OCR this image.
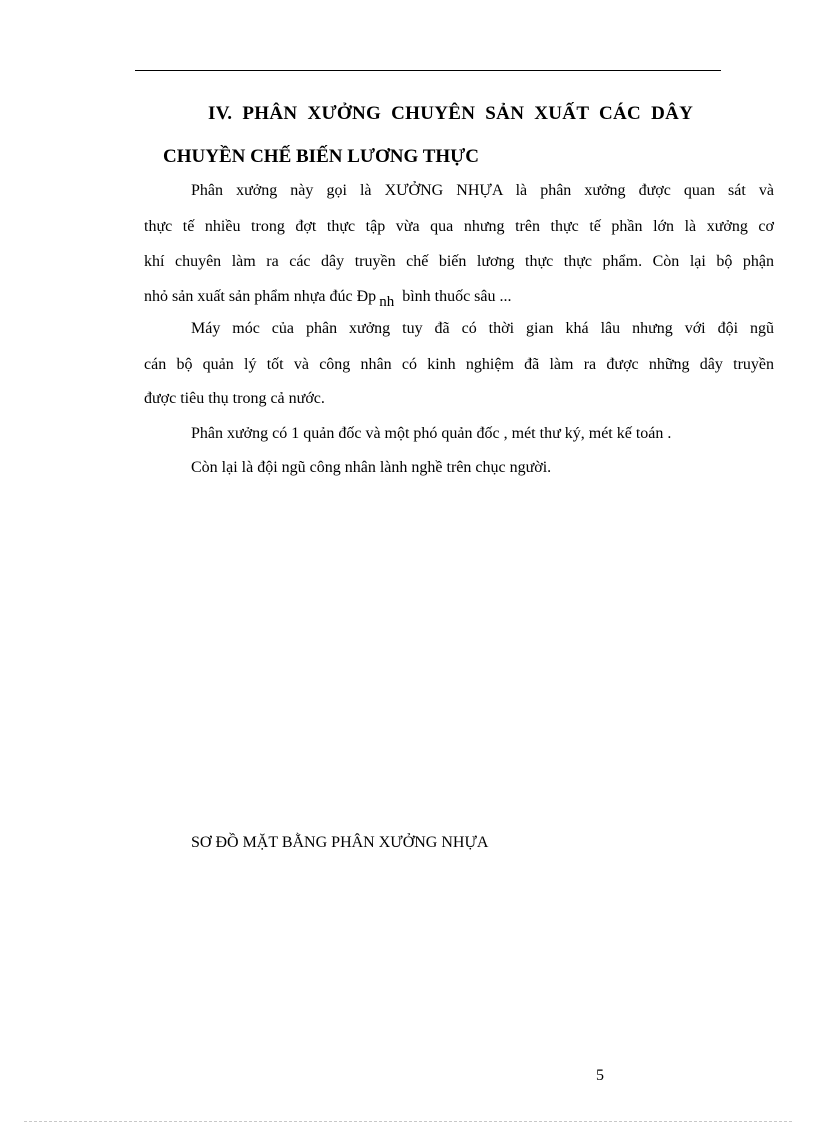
IV. PHÂN XƯỞNG CHUYÊN SẢN XUẤT CÁC DÂY
CHUYỀN CHẾ BIẾN LƯƠNG THỰC
Phân xưởng này gọi là XƯỞNG NHỰA là phân xưởng được quan sát và
thực tế nhiều trong đợt thực tập vừa qua nhưng trên thực tế phần lớn là xưởng cơ
khí chuyên làm ra các dây truyền chế biến lương thực thực phẩm. Còn lại bộ phận
nhỏ sản xuất sản phẩm nhựa đúc Đp nh bình thuốc sâu ...
Máy móc của phân xưởng tuy đã có thời gian khá lâu nhưng với đội ngũ
cán bộ quản lý tốt và công nhân có kinh nghiệm đã làm ra được những dây truyền
được tiêu thụ trong cả nước.
Phân xưởng có 1 quản đốc và một phó quản đốc , mét thư ký, mét kế toán .
Còn lại là đội ngũ công nhân lành nghề trên chục người.
SƠ ĐỒ MẶT BẰNG PHÂN XƯỞNG NHỰA
5
